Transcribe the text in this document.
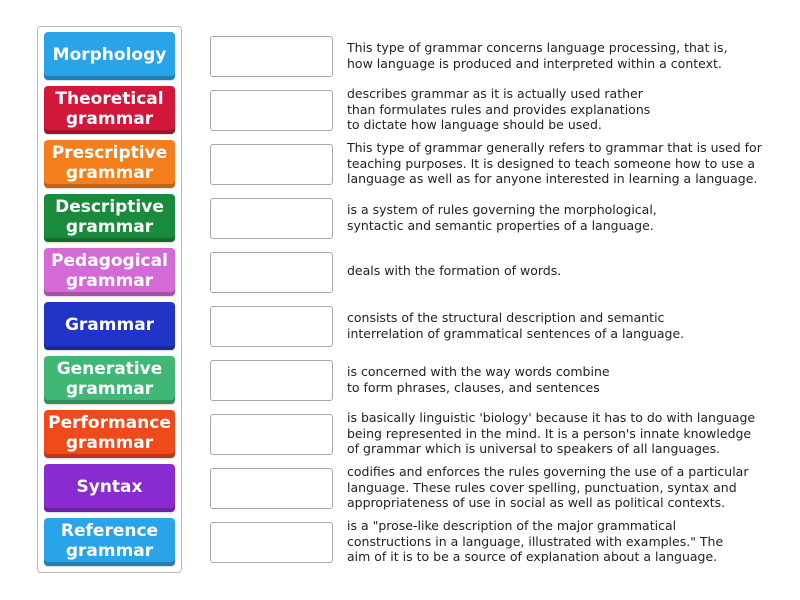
Morphology
Theoretical
grammar
Prescriptive
grammar
Descriptive
grammar
Pedagogical
grammar
Grammar
Generative
grammar
Performance
grammar
Syntax
Reference
grammar
This type of grammar concerns language processing, that is,
how language is produced and interpreted within a context.
describes grammar as it is actually used rather
than formulates rules and provides explanations
to dictate how language should be used.
This type of grammar generally refers to grammar that is used for
teaching purposes. It is designed to teach someone how to use a
language as well as for anyone interested in learning a language.
is a system of rules governing the morphological,
syntactic and semantic properties of a language.
deals with the formation of words.
consists of the structural description and semantic
interrelation of grammatical sentences of a language.
is concerned with the way words combine
to form phrases, clauses, and sentences
is basically linguistic 'biology' because it has to do with language
being represented in the mind. It is a person's innate knowledge
of grammar which is universal to speakers of all languages.
codifies and enforces the rules governing the use of a particular
language. These rules cover spelling, punctuation, syntax and
appropriateness of use in social as well as political contexts.
is a "prose-like description of the major grammatical
constructions in a language, illustrated with examples." The
aim of it is to be a source of explanation about a language.
